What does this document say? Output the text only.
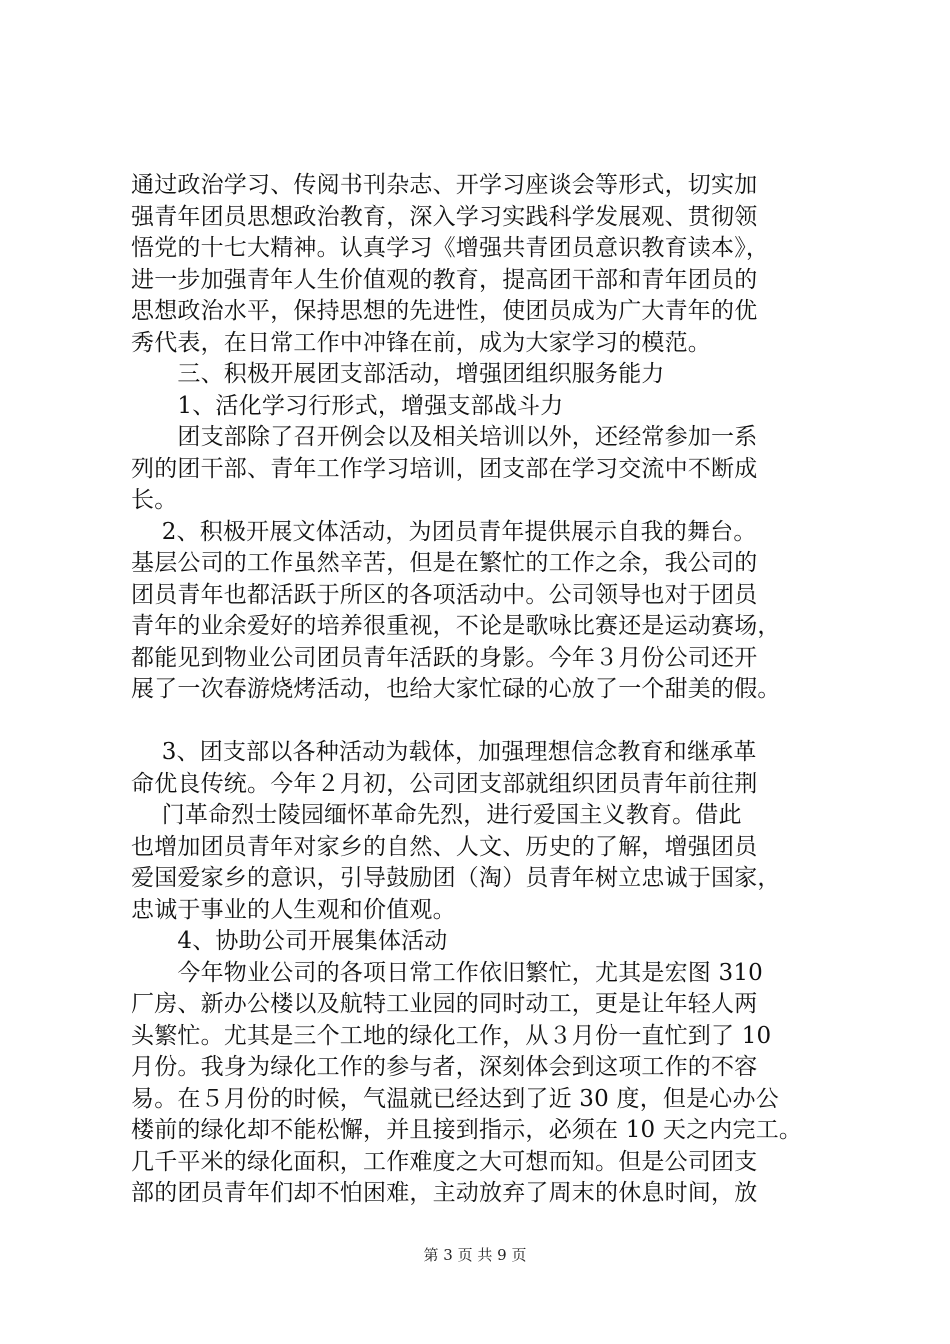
通过政治学习、传阅书刊杂志、开学习座谈会等形式，切实加
强青年团员思想政治教育，深入学习实践科学发展观、贯彻领
悟党的十七大精神。认真学习《增强共青团员意识教育读本》，
进一步加强青年人生价值观的教育，提高团干部和青年团员的
思想政治水平，保持思想的先进性，使团员成为广大青年的优
秀代表，在日常工作中冲锋在前，成为大家学习的模范。
　　三、积极开展团支部活动，增强团组织服务能力
　　1、活化学习行形式，增强支部战斗力
　　团支部除了召开例会以及相关培训以外，还经常参加一系
列的团干部、青年工作学习培训，团支部在学习交流中不断成
长。
　 2、积极开展文体活动，为团员青年提供展示自我的舞台。
基层公司的工作虽然辛苦，但是在繁忙的工作之余，我公司的
团员青年也都活跃于所区的各项活动中。公司领导也对于团员
青年的业余爱好的培养很重视，不论是歌咏比赛还是运动赛场，
都能见到物业公司团员青年活跃的身影。今年３月份公司还开
展了一次春游烧烤活动，也给大家忙碌的心放了一个甜美的假。
　 3、团支部以各种活动为载体，加强理想信念教育和继承革
命优良传统。今年２月初，公司团支部就组织团员青年前往荆
　 门革命烈士陵园缅怀革命先烈，进行爱国主义教育。借此
也增加团员青年对家乡的自然、人文、历史的了解，增强团员
爱国爱家乡的意识，引导鼓励团（淘）员青年树立忠诚于国家，
忠诚于事业的人生观和价值观。
　　4、协助公司开展集体活动
　　今年物业公司的各项日常工作依旧繁忙，尤其是宏图 310
厂房、新办公楼以及航特工业园的同时动工，更是让年轻人两
头繁忙。尤其是三个工地的绿化工作，从３月份一直忙到了 10
月份。我身为绿化工作的参与者，深刻体会到这项工作的不容
易。在５月份的时候，气温就已经达到了近 30 度，但是心办公
楼前的绿化却不能松懈，并且接到指示，必须在 10 天之内完工。
几千平米的绿化面积，工作难度之大可想而知。但是公司团支
部的团员青年们却不怕困难，主动放弃了周末的休息时间，放
第 3 页 共 9 页
